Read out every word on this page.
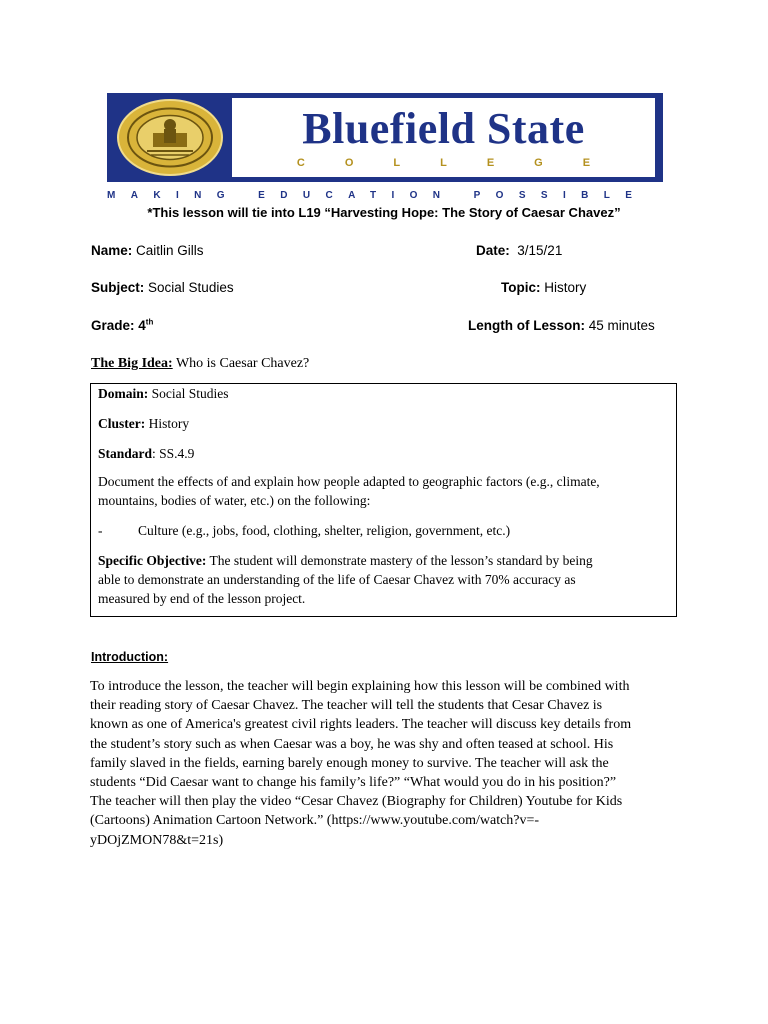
Bluefield State
COLLEGE
MAKING EDUCATION POSSIBLE
*This lesson will tie into L19 “Harvesting Hope: The Story of Caesar Chavez”
Name: Caitlin Gills	Date: 3/15/21
Subject: Social Studies	Topic: History
Grade: 4th	Length of Lesson: 45 minutes
The Big Idea: Who is Caesar Chavez?
Domain: Social Studies
Cluster: History
Standard: SS.4.9
Document the effects of and explain how people adapted to geographic factors (e.g., climate,
mountains, bodies of water, etc.) on the following:
-	Culture (e.g., jobs, food, clothing, shelter, religion, government, etc.)
Specific Objective: The student will demonstrate mastery of the lesson’s standard by being
able to demonstrate an understanding of the life of Caesar Chavez with 70% accuracy as
measured by end of the lesson project.
Introduction:
To introduce the lesson, the teacher will begin explaining how this lesson will be combined with
their reading story of Caesar Chavez. The teacher will tell the students that Cesar Chavez is
known as one of America's greatest civil rights leaders. The teacher will discuss key details from
the student’s story such as when Caesar was a boy, he was shy and often teased at school. His
family slaved in the fields, earning barely enough money to survive. The teacher will ask the
students “Did Caesar want to change his family’s life?” “What would you do in his position?”
The teacher will then play the video “Cesar Chavez (Biography for Children) Youtube for Kids
(Cartoons) Animation Cartoon Network.” (https://www.youtube.com/watch?v=-
yDOjZMON78&t=21s)
